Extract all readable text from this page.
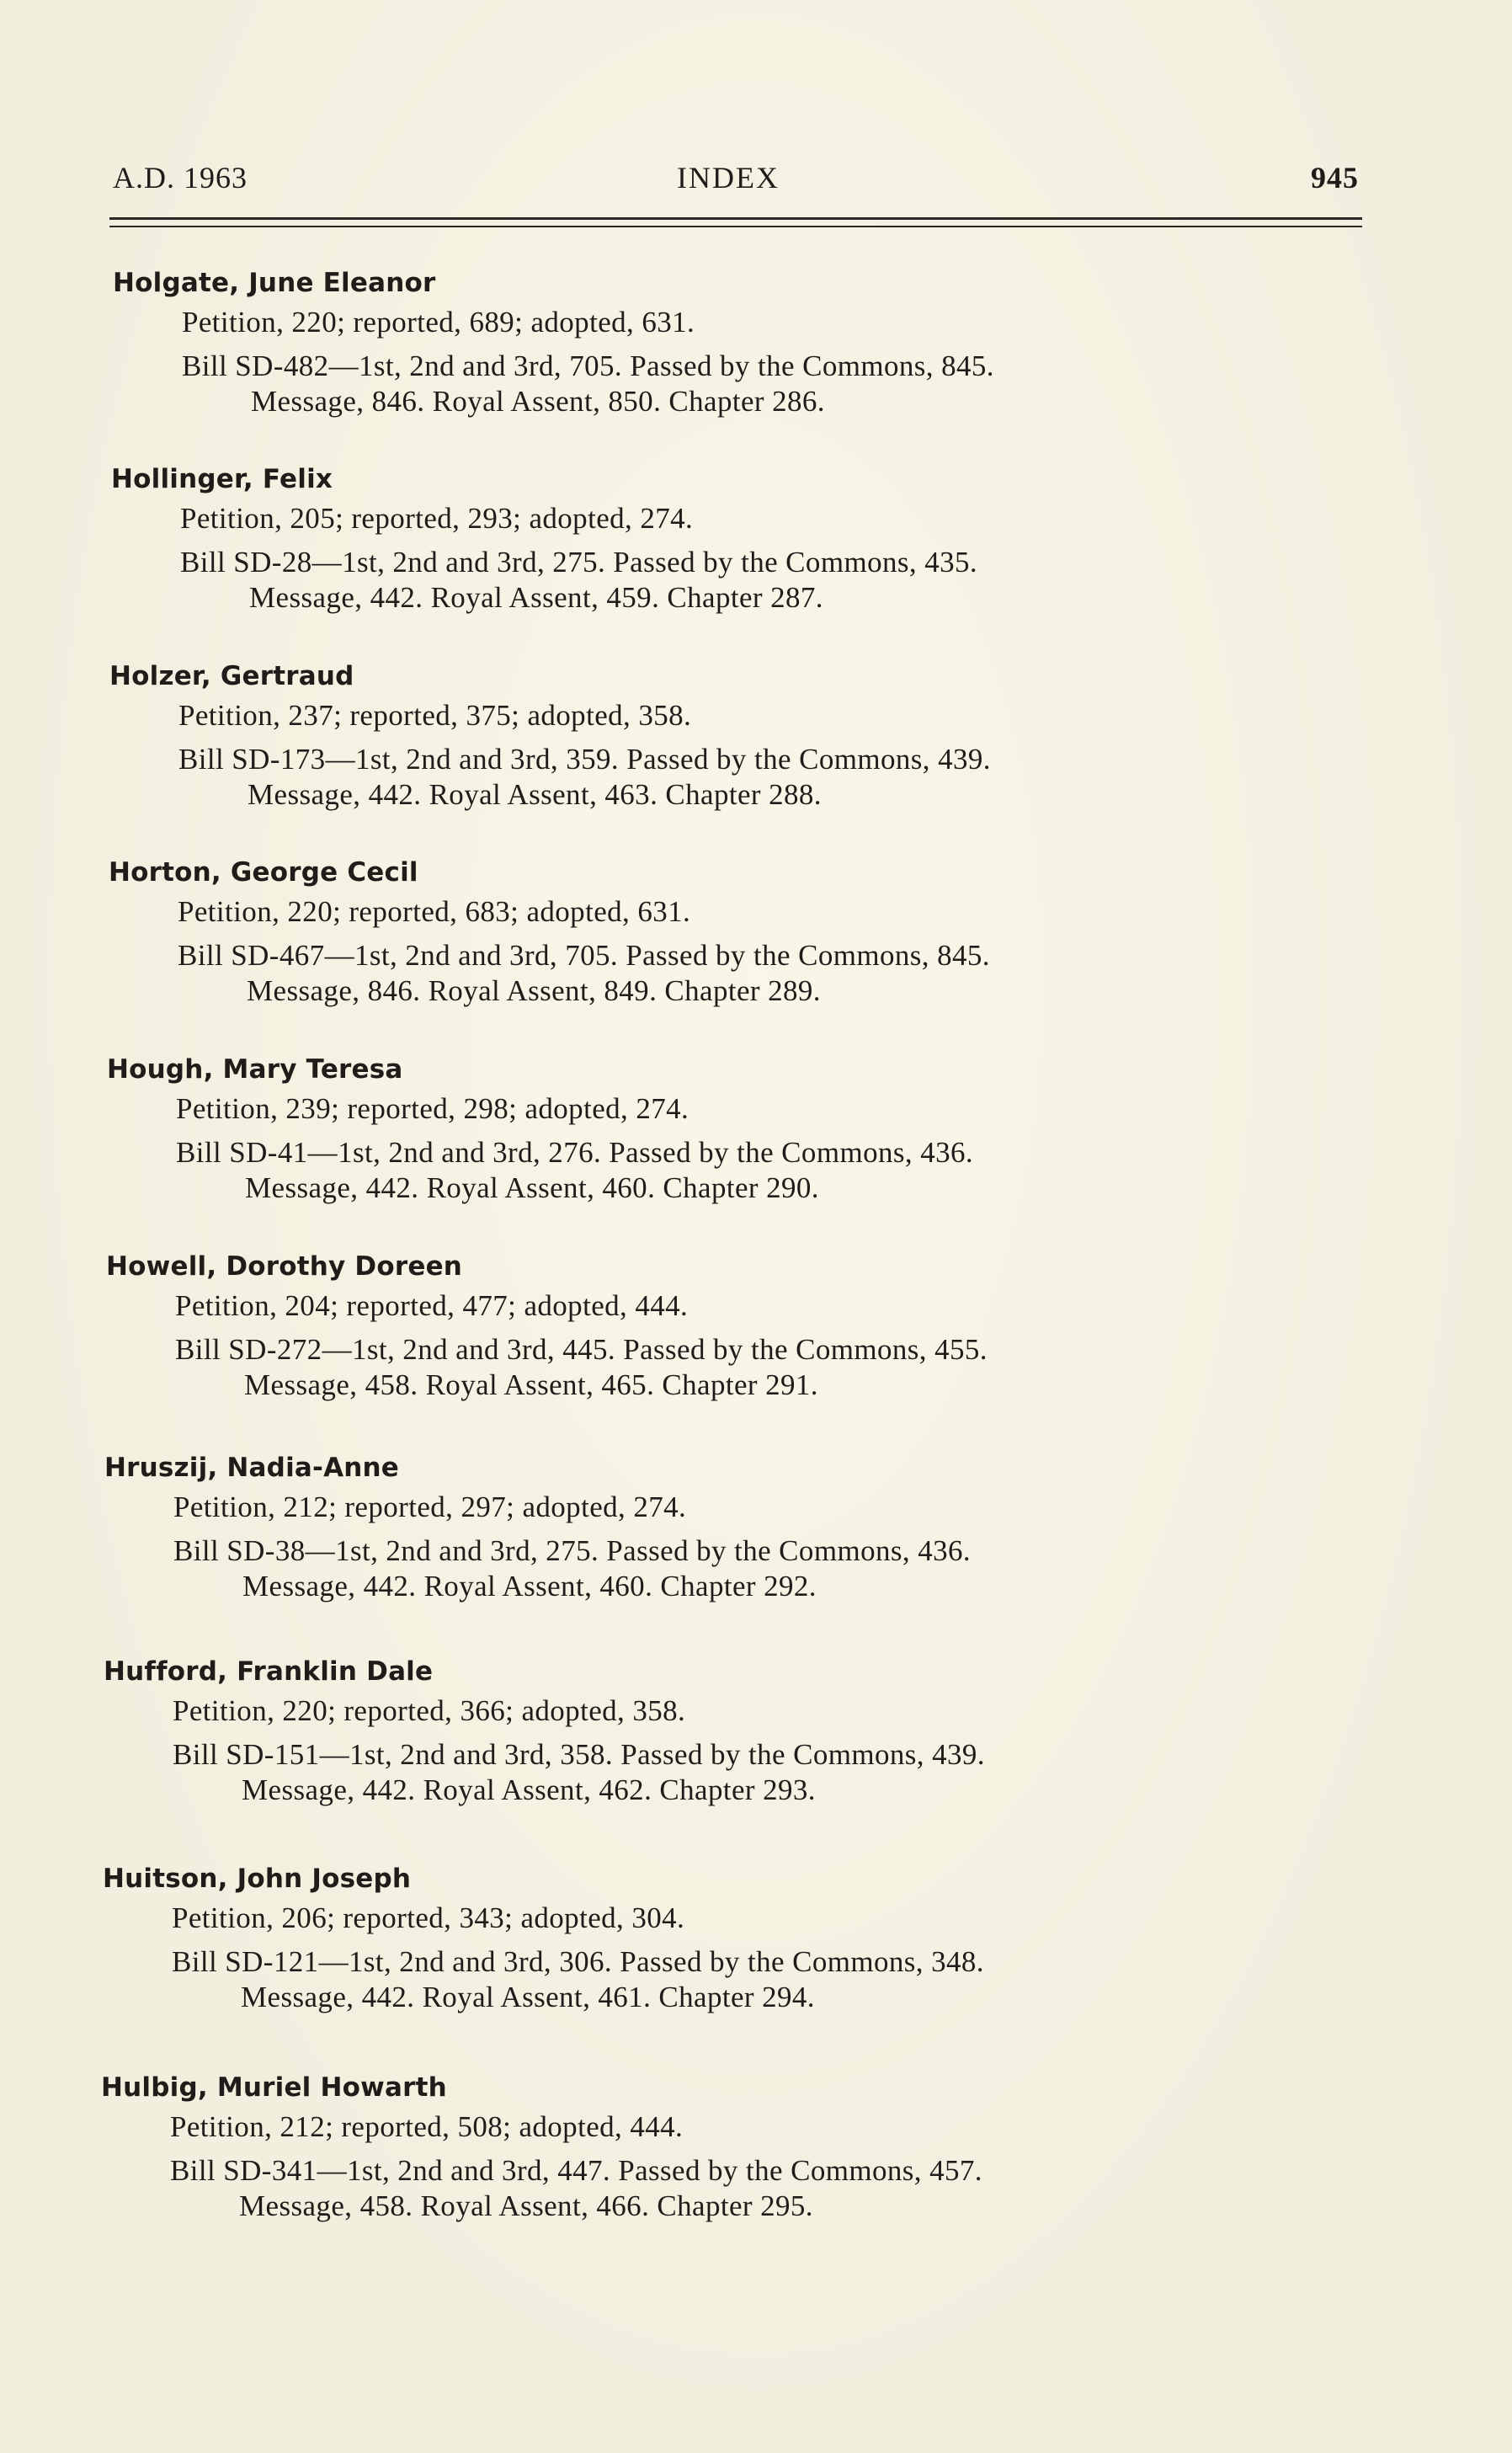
A.D. 1963	INDEX	945
Holgate, June Eleanor
Petition, 220; reported, 689; adopted, 631.
Bill SD-482—1st, 2nd and 3rd, 705. Passed by the Commons, 845.
Message, 846. Royal Assent, 850. Chapter 286.
Hollinger, Felix
Petition, 205; reported, 293; adopted, 274.
Bill SD-28—1st, 2nd and 3rd, 275. Passed by the Commons, 435.
Message, 442. Royal Assent, 459. Chapter 287.
Holzer, Gertraud
Petition, 237; reported, 375; adopted, 358.
Bill SD-173—1st, 2nd and 3rd, 359. Passed by the Commons, 439.
Message, 442. Royal Assent, 463. Chapter 288.
Horton, George Cecil
Petition, 220; reported, 683; adopted, 631.
Bill SD-467—1st, 2nd and 3rd, 705. Passed by the Commons, 845.
Message, 846. Royal Assent, 849. Chapter 289.
Hough, Mary Teresa
Petition, 239; reported, 298; adopted, 274.
Bill SD-41—1st, 2nd and 3rd, 276. Passed by the Commons, 436.
Message, 442. Royal Assent, 460. Chapter 290.
Howell, Dorothy Doreen
Petition, 204; reported, 477; adopted, 444.
Bill SD-272—1st, 2nd and 3rd, 445. Passed by the Commons, 455.
Message, 458. Royal Assent, 465. Chapter 291.
Hruszij, Nadia-Anne
Petition, 212; reported, 297; adopted, 274.
Bill SD-38—1st, 2nd and 3rd, 275. Passed by the Commons, 436.
Message, 442. Royal Assent, 460. Chapter 292.
Hufford, Franklin Dale
Petition, 220; reported, 366; adopted, 358.
Bill SD-151—1st, 2nd and 3rd, 358. Passed by the Commons, 439.
Message, 442. Royal Assent, 462. Chapter 293.
Huitson, John Joseph
Petition, 206; reported, 343; adopted, 304.
Bill SD-121—1st, 2nd and 3rd, 306. Passed by the Commons, 348.
Message, 442. Royal Assent, 461. Chapter 294.
Hulbig, Muriel Howarth
Petition, 212; reported, 508; adopted, 444.
Bill SD-341—1st, 2nd and 3rd, 447. Passed by the Commons, 457.
Message, 458. Royal Assent, 466. Chapter 295.
